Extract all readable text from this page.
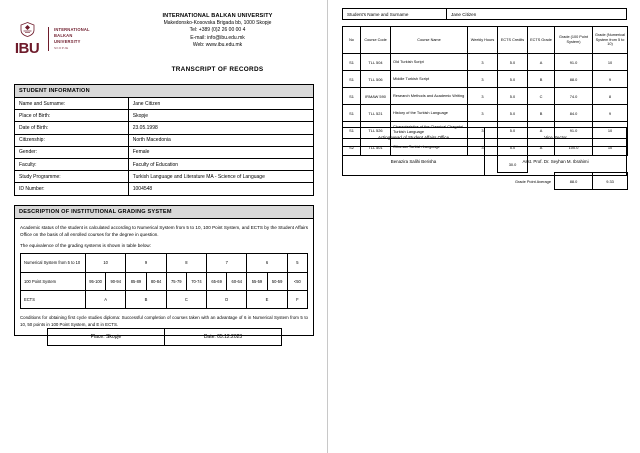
IBU
INTERNATIONAL
BALKAN
UNIVERSITY
SKOPJE
INTERNATIONAL BALKAN UNIVERSITY
Makedonsko-Kosovska Brigada bb, 1000 Skopje
Tel: +389 (0)2 26 00 00 4
E-mail: info@ibu.edu.mk
Web: www.ibu.edu.mk
TRANSCRIPT OF RECORDS
STUDENT INFORMATION
Name and Surname:	Jane Citizen
Place of Birth:	Skopje
Date of Birth:	23.05.1998
Citizenship:	North Macedonia
Gender:	Female
Faculty:	Faculty of Education
Study Programme:	Turkish Language and Literature MA - Science of Language
ID Number:	1004548
DESCRIPTION OF INSTITUTIONAL GRADING SYSTEM

Academic status of the student is calculated according to Numerical System from 5 to 10, 100 Point System, and ECTS by the Student Affairs Office on the basis of all enrolled courses for the degree in question.

The equivalence of the grading systems is shown in table below:

Numerical System from 5 to 10	10		9		8		7		6		5
100 Point System	95-100	90-94	85-89	80-84	75-79	70-74	65-69	60-64	55-59	50-59	<50
ECTS	A		B		C		D		E		F
Conditions for obtaining first cycle studies diploma: Successful completion of courses taken with an advantage of 6 in Numerical System from 5 to 10, 50 points in 100 Point System, and E in ECTS.
Place: Skopje	Date: 05.12.2023
Student's Name and Surname	Jane Citizen
No	Course Code	Course Name	Weekly Hours	ECTS Credits	ECTS Grade	Grade (100 Point System)	Grade (Numerical System from 5 to 10)
S1	TLL 504	Old Turkish Script	3	5.0	A	91.0	10
S1	TLL 506	Middle Turkish Script	3	5.0	B	88.0	9
S1	IRMAW 590	Research Methods and Academic Writing	3	5.0	C	74.0	8
S1	TLL 521	History of the Turkish Language	3	5.0	B	84.0	9
S1	TLL 526	Characteristics of the Classical Chagatai Turkish Language	3	5.0	A	91.0	10
S2	TLL 501	Ottoman Turkish Language	3	5.0	A	100.0	10
				30.0			
			Grade Point Average			88.0	9.33
Acting Head of Student Affairs Office	Vice Rector
Benazira Salihi Berisha	Asst. Prof. Dr. Seyhan M. Ibrahimi
